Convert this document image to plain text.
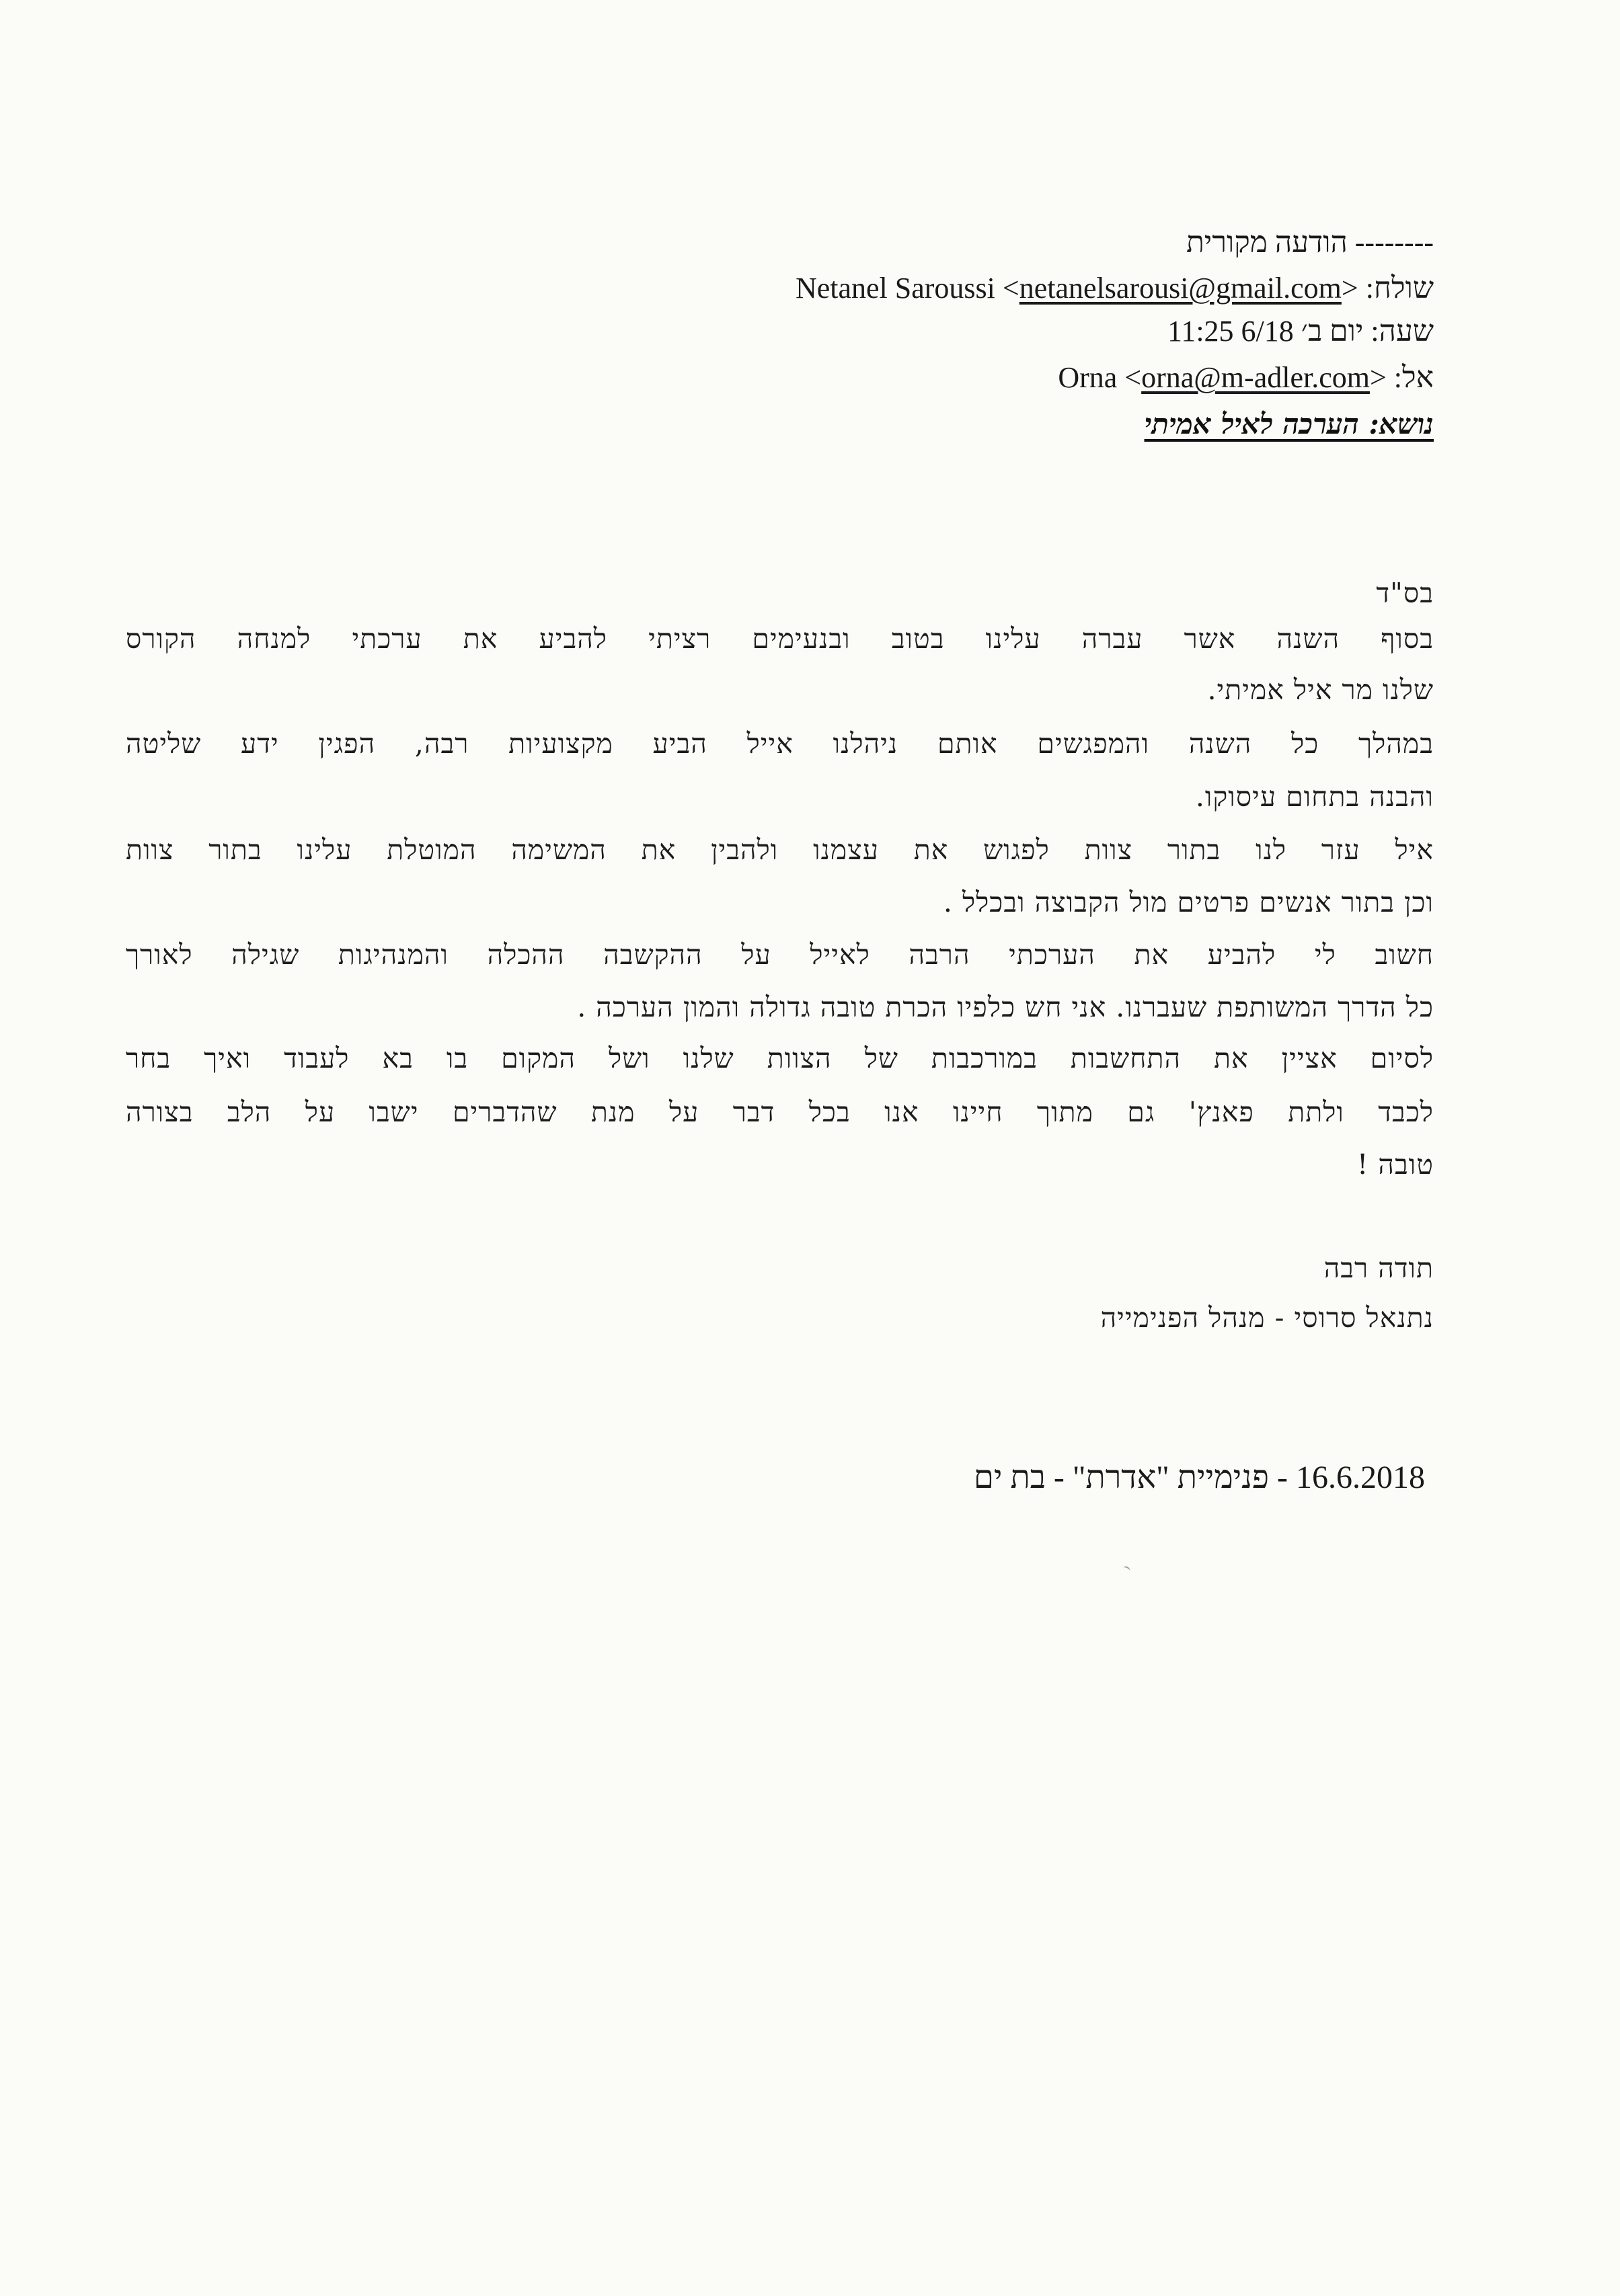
-------- הודעה מקורית
שולח: Netanel Saroussi <netanelsarousi@gmail.com>
שעה: יום ב׳ 6/18 11:25
אל: Orna <orna@m-adler.com>
נושא: הערכה לאיל אמיתי
בס"ד
בסוף השנה אשר עברה עלינו בטוב ובנעימים רציתי להביע את ערכתי למנחה הקורס
שלנו מר איל אמיתי.
במהלך כל השנה והמפגשים אותם ניהלנו אייל הביע מקצועיות רבה, הפגין ידע שליטה
והבנה בתחום עיסוקו.
איל עזר לנו בתור צוות לפגוש את עצמנו ולהבין את המשימה המוטלת עלינו בתור צוות
וכן בתור אנשים פרטים מול הקבוצה ובכלל .
חשוב לי להביע את הערכתי הרבה לאייל על ההקשבה ההכלה והמנהיגות שגילה לאורך
כל הדרך המשותפת שעברנו. אני חש כלפיו הכרת טובה גדולה והמון הערכה .
לסיום אציין את התחשבות במורכבות של הצוות שלנו ושל המקום בו בא לעבוד ואיך בחר
לכבד ולתת פאנץ' גם מתוך חיינו אנו בכל דבר על מנת שהדברים ישבו על הלב בצורה
טובה !
תודה רבה
נתנאל סרוסי - מנהל הפנימייה
16.6.2018 - פנימיית "אדרת" - בת ים
